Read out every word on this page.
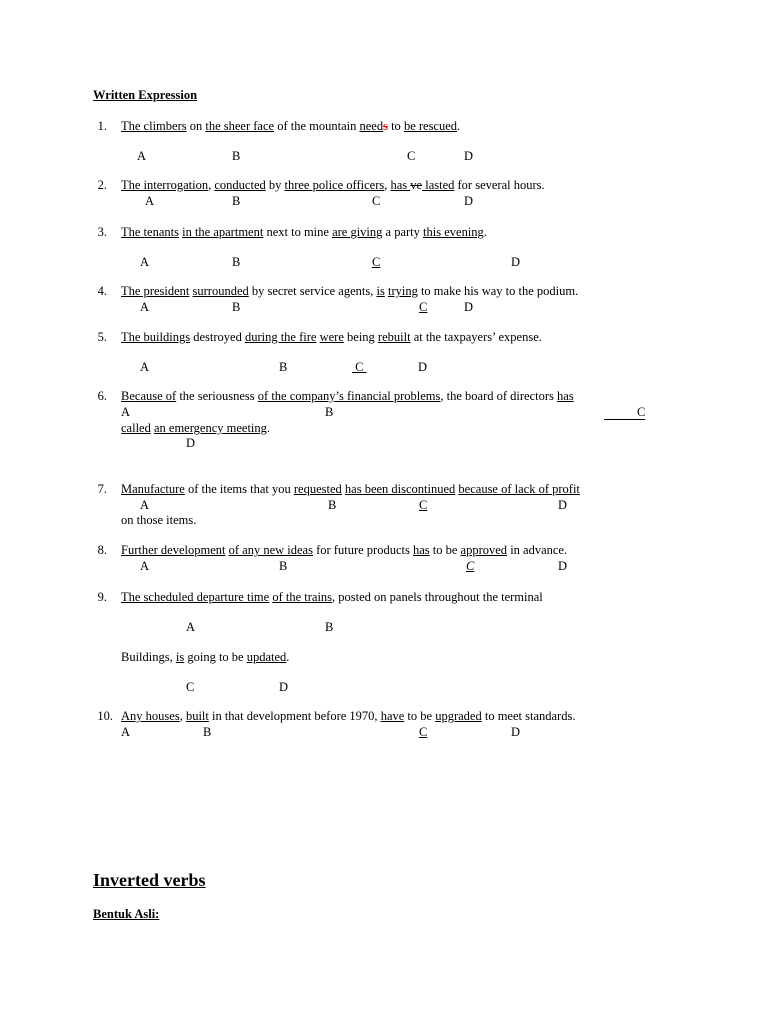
Written Expression
1. The climbers on the sheer face of the mountain needs to be rescued.
A	B	C	D
2. The interrogation, conducted by three police officers, has ve lasted for several hours.
A	B	C	D
3. The tenants in the apartment next to mine are giving a party this evening.
A	B	C	D
4. The president surrounded by secret service agents, is trying to make his way to the podium.
A	B	C	D
5. The buildings destroyed during the fire were being rebuilt at the taxpayers’ expense.
A	B	C	D
6. Because of the seriousness of the company’s financial problems, the board of directors has
A	B	C
called an emergency meeting.
D
7. Manufacture of the items that you requested has been discontinued because of lack of profit
A	B	C	D
on those items.
8. Further development of any new ideas for future products has to be approved in advance.
A	B	C	D
9. The scheduled departure time of the trains, posted on panels throughout the terminal
A	B
Buildings, is going to be updated.
C	D
10. Any houses, built in that development before 1970, have to be upgraded to meet standards.
A	B	C	D
Inverted verbs
Bentuk Asli:
